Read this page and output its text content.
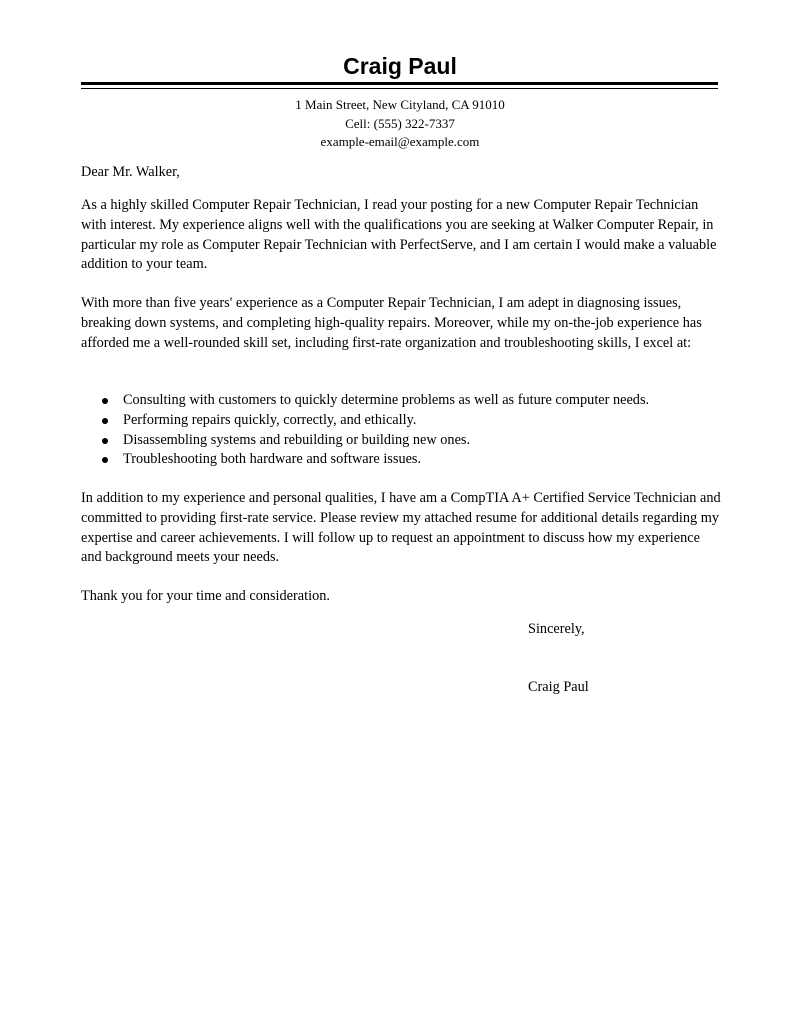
Craig Paul
1 Main Street, New Cityland, CA 91010
Cell: (555) 322-7337
example-email@example.com
Dear Mr. Walker,
As a highly skilled Computer Repair Technician, I read your posting for a new Computer Repair Technician with interest. My experience aligns well with the qualifications you are seeking at Walker Computer Repair, in particular my role as Computer Repair Technician with PerfectServe, and I am certain I would make a valuable addition to your team.
With more than five years' experience as a Computer Repair Technician, I am adept in diagnosing issues, breaking down systems, and completing high-quality repairs. Moreover, while my on-the-job experience has afforded me a well-rounded skill set, including first-rate organization and troubleshooting skills, I excel at:
Consulting with customers to quickly determine problems as well as future computer needs.
Performing repairs quickly, correctly, and ethically.
Disassembling systems and rebuilding or building new ones.
Troubleshooting both hardware and software issues.
In addition to my experience and personal qualities, I have am a CompTIA A+ Certified Service Technician and committed to providing first-rate service. Please review my attached resume for additional details regarding my expertise and career achievements. I will follow up to request an appointment to discuss how my experience and background meets your needs.
Thank you for your time and consideration.
Sincerely,
Craig Paul
